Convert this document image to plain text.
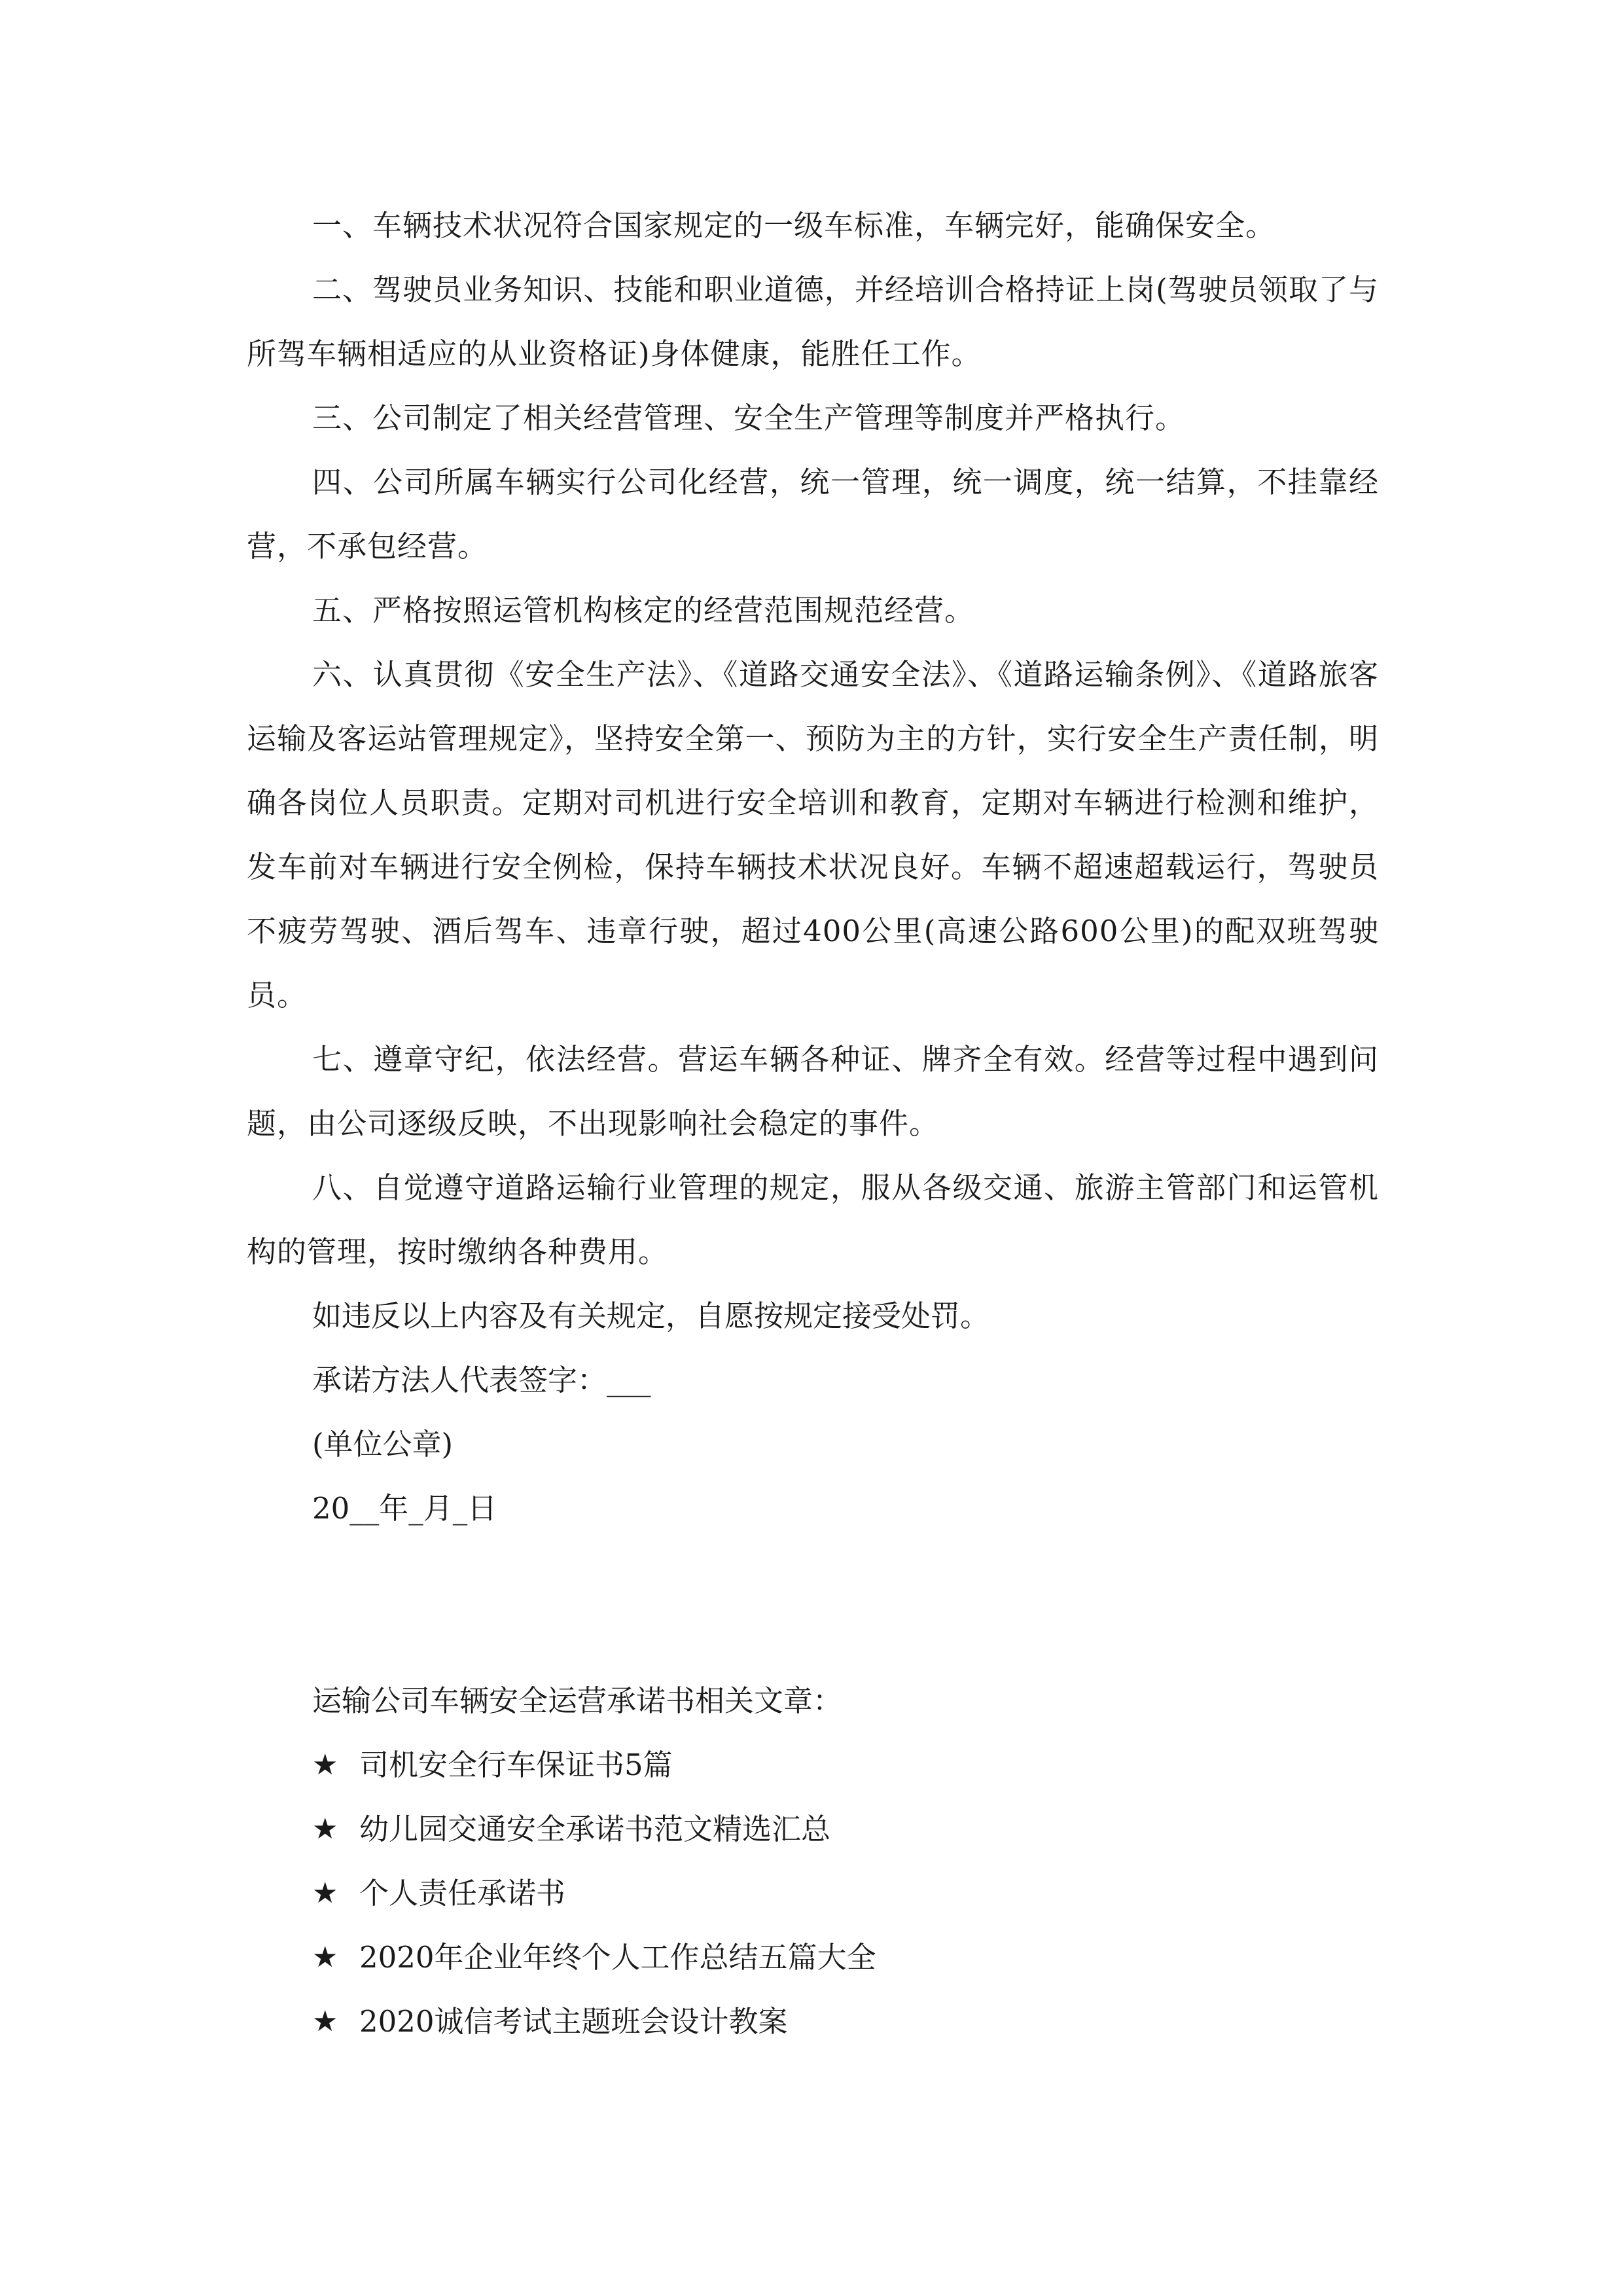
一、车辆技术状况符合国家规定的一级车标准，车辆完好，能确保安全。

二、驾驶员业务知识、技能和职业道德，并经培训合格持证上岗(驾驶员领取了与所驾车辆相适应的从业资格证)身体健康，能胜任工作。

三、公司制定了相关经营管理、安全生产管理等制度并严格执行。

四、公司所属车辆实行公司化经营，统一管理，统一调度，统一结算，不挂靠经营，不承包经营。

五、严格按照运管机构核定的经营范围规范经营。

六、认真贯彻《安全生产法》、《道路交通安全法》、《道路运输条例》、《道路旅客运输及客运站管理规定》，坚持安全第一、预防为主的方针，实行安全生产责任制，明确各岗位人员职责。定期对司机进行安全培训和教育，定期对车辆进行检测和维护，发车前对车辆进行安全例检，保持车辆技术状况良好。车辆不超速超载运行，驾驶员不疲劳驾驶、酒后驾车、违章行驶，超过400公里(高速公路600公里)的配双班驾驶员。

七、遵章守纪，依法经营。营运车辆各种证、牌齐全有效。经营等过程中遇到问题，由公司逐级反映，不出现影响社会稳定的事件。

八、自觉遵守道路运输行业管理的规定，服从各级交通、旅游主管部门和运管机构的管理，按时缴纳各种费用。

如违反以上内容及有关规定，自愿按规定接受处罚。

承诺方法人代表签字：___

(单位公章)

20__年_月_日

运输公司车辆安全运营承诺书相关文章：

★ 司机安全行车保证书5篇
★ 幼儿园交通安全承诺书范文精选汇总
★ 个人责任承诺书
★ 2020年企业年终个人工作总结五篇大全
★ 2020诚信考试主题班会设计教案
